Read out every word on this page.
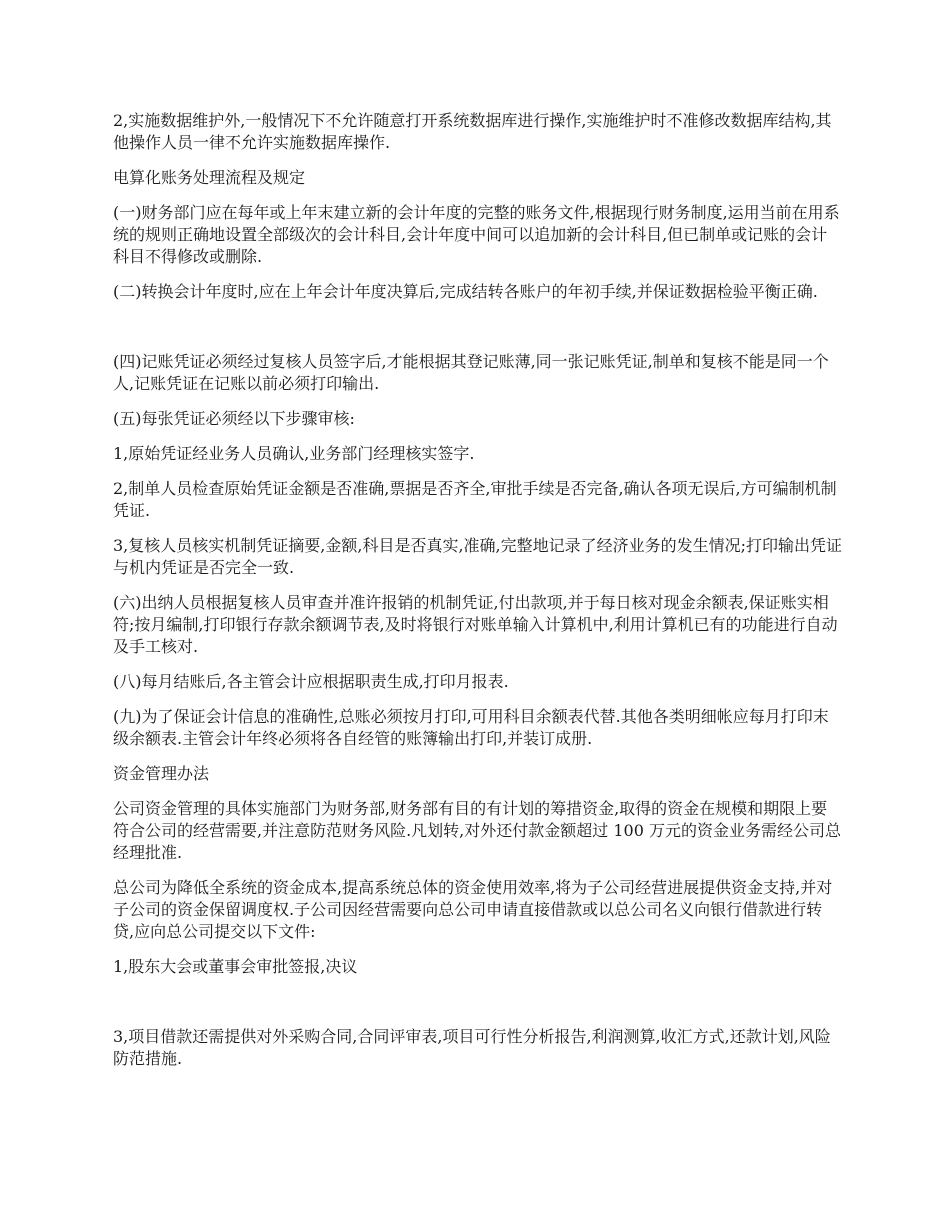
2,实施数据维护外,一般情况下不允许随意打开系统数据库进行操作,实施维护时不准修改数据库结构,其他操作人员一律不允许实施数据库操作.

电算化账务处理流程及规定

(一)财务部门应在每年或上年末建立新的会计年度的完整的账务文件,根据现行财务制度,运用当前在用系统的规则正确地设置全部级次的会计科目,会计年度中间可以追加新的会计科目,但已制单或记账的会计科目不得修改或删除.

(二)转换会计年度时,应在上年会计年度决算后,完成结转各账户的年初手续,并保证数据检验平衡正确.

(四)记账凭证必须经过复核人员签字后,才能根据其登记账薄,同一张记账凭证,制单和复核不能是同一个人,记账凭证在记账以前必须打印输出.

(五)每张凭证必须经以下步骤审核:

1,原始凭证经业务人员确认,业务部门经理核实签字.

2,制单人员检查原始凭证金额是否准确,票据是否齐全,审批手续是否完备,确认各项无误后,方可编制机制凭证.

3,复核人员核实机制凭证摘要,金额,科目是否真实,准确,完整地记录了经济业务的发生情况;打印输出凭证与机内凭证是否完全一致.

(六)出纳人员根据复核人员审查并准许报销的机制凭证,付出款项,并于每日核对现金余额表,保证账实相符;按月编制,打印银行存款余额调节表,及时将银行对账单输入计算机中,利用计算机已有的功能进行自动及手工核对.

(八)每月结账后,各主管会计应根据职责生成,打印月报表.

(九)为了保证会计信息的准确性,总账必须按月打印,可用科目余额表代替.其他各类明细帐应每月打印末级余额表.主管会计年终必须将各自经管的账簿输出打印,并装订成册.

资金管理办法

公司资金管理的具体实施部门为财务部,财务部有目的有计划的筹措资金,取得的资金在规模和期限上要符合公司的经营需要,并注意防范财务风险.凡划转,对外还付款金额超过 100 万元的资金业务需经公司总经理批准.

总公司为降低全系统的资金成本,提高系统总体的资金使用效率,将为子公司经营进展提供资金支持,并对子公司的资金保留调度权.子公司因经营需要向总公司申请直接借款或以总公司名义向银行借款进行转贷,应向总公司提交以下文件:

1,股东大会或董事会审批签报,决议

3,项目借款还需提供对外采购合同,合同评审表,项目可行性分析报告,利润测算,收汇方式,还款计划,风险防范措施.
